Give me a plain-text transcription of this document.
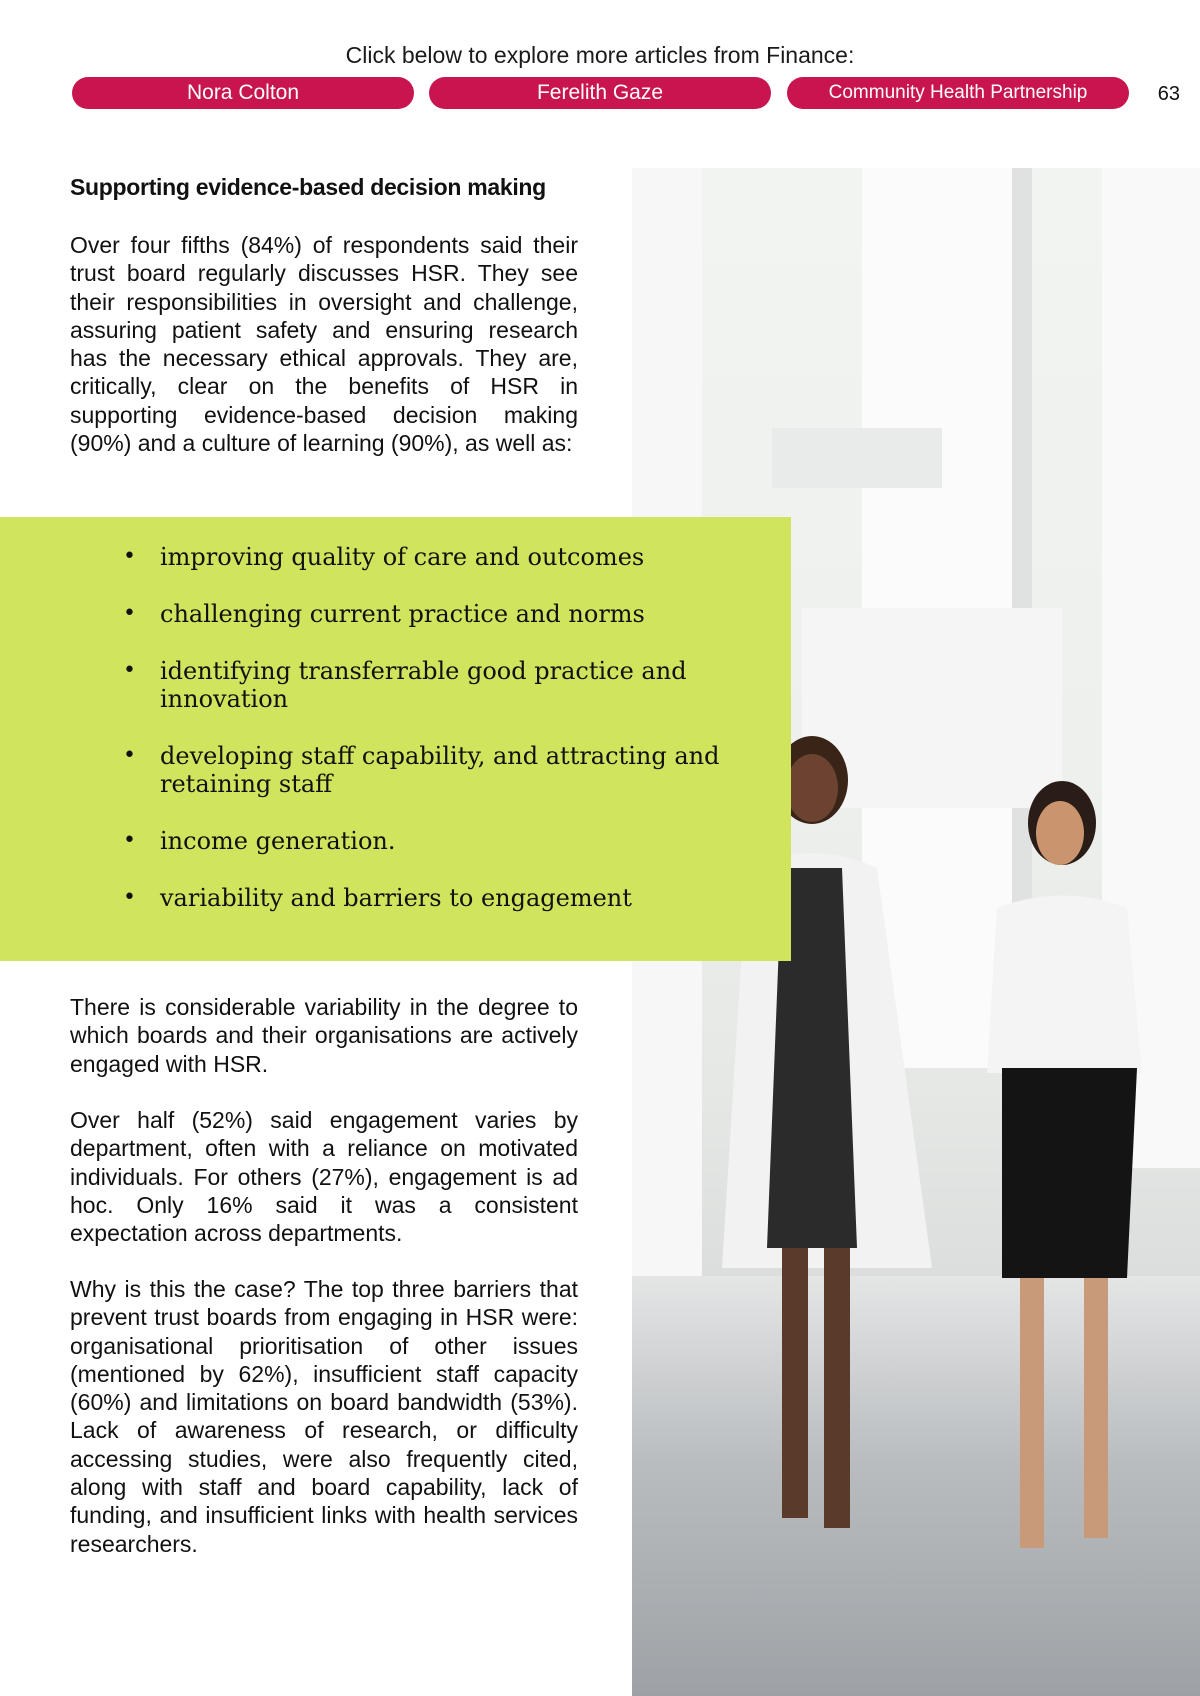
Click below to explore more articles from Finance:
Nora Colton	Ferelith Gaze	Community Health Partnership	63
Supporting evidence-based decision making

Over four fifths (84%) of respondents said their trust board regularly discusses HSR. They see their responsibilities in oversight and challenge, assuring patient safety and ensuring research has the necessary ethical approvals. They are, critically, clear on the benefits of HSR in supporting evidence-based decision making (90%) and a culture of learning (90%), as well as:

• improving quality of care and outcomes
• challenging current practice and norms
• identifying transferrable good practice and innovation
• developing staff capability, and attracting and retaining staff
• income generation.
• variability and barriers to engagement

There is considerable variability in the degree to which boards and their organisations are actively engaged with HSR.

Over half (52%) said engagement varies by department, often with a reliance on motivated individuals. For others (27%), engagement is ad hoc. Only 16% said it was a consistent expectation across departments.

Why is this the case? The top three barriers that prevent trust boards from engaging in HSR were: organisational prioritisation of other issues (mentioned by 62%), insufficient staff capacity (60%) and limitations on board bandwidth (53%). Lack of awareness of research, or difficulty accessing studies, were also frequently cited, along with staff and board capability, lack of funding, and insufficient links with health services researchers.
